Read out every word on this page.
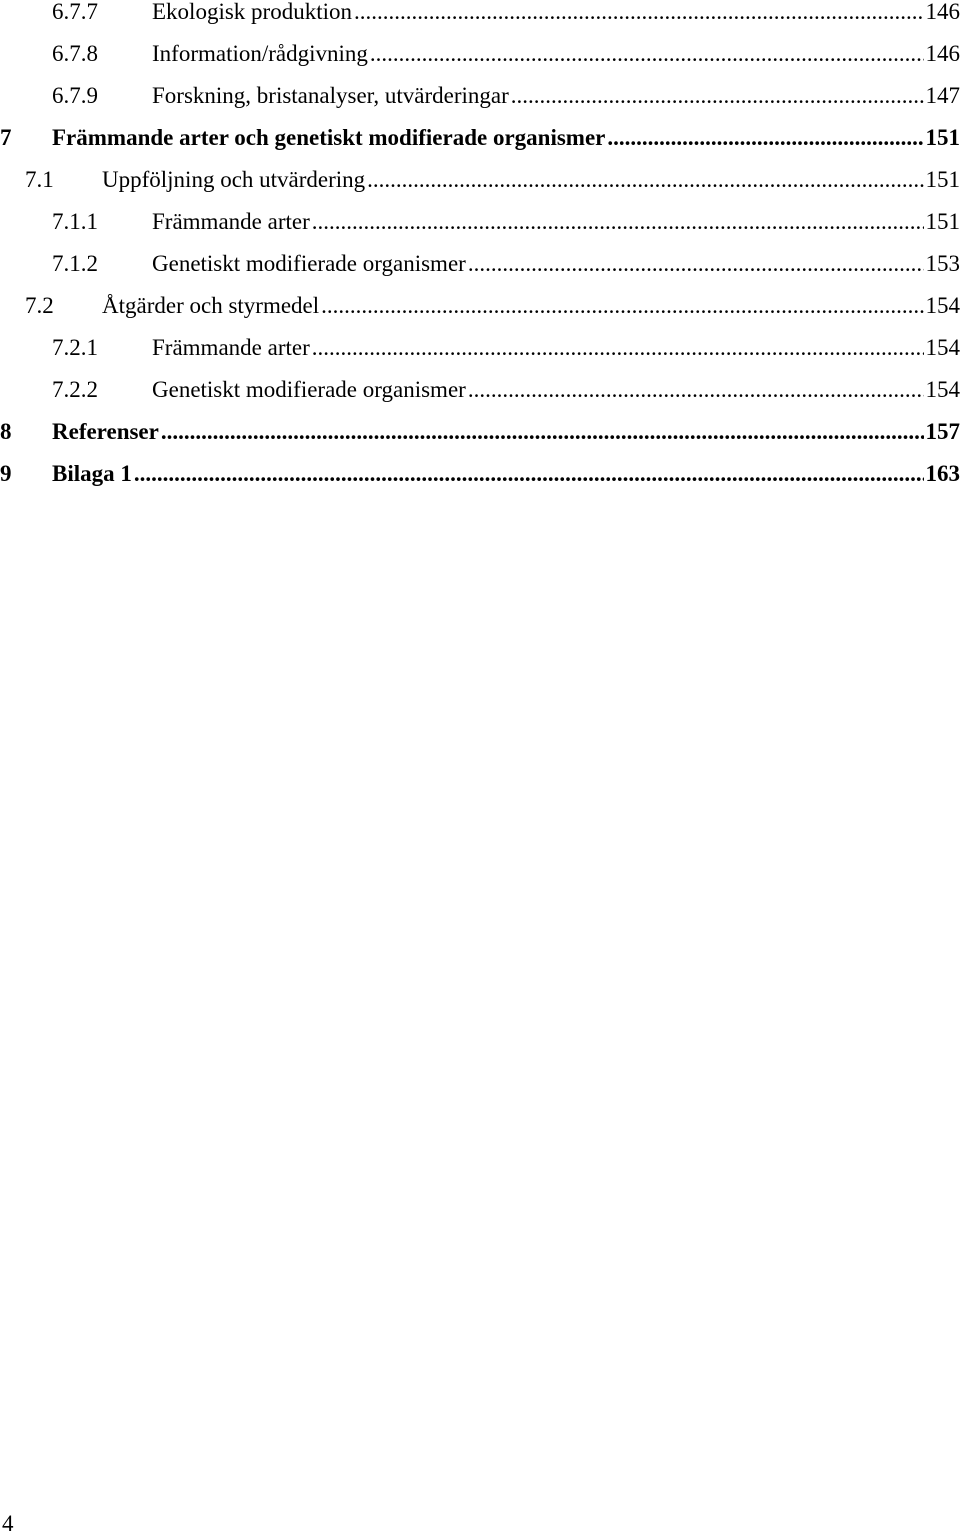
6.7.7 Ekologisk produktion .....	146
6.7.8 Information/rådgivning .....	146
6.7.9 Forskning, bristanalyser, utvärderingar .....	147
7 Främmande arter och genetiskt modifierade organismer .....	151
7.1 Uppföljning och utvärdering .....	151
7.1.1 Främmande arter .....	151
7.1.2 Genetiskt modifierade organismer .....	153
7.2 Åtgärder och styrmedel .....	154
7.2.1 Främmande arter .....	154
7.2.2 Genetiskt modifierade organismer .....	154
8 Referenser .....	157
9 Bilaga 1 .....	163
4
